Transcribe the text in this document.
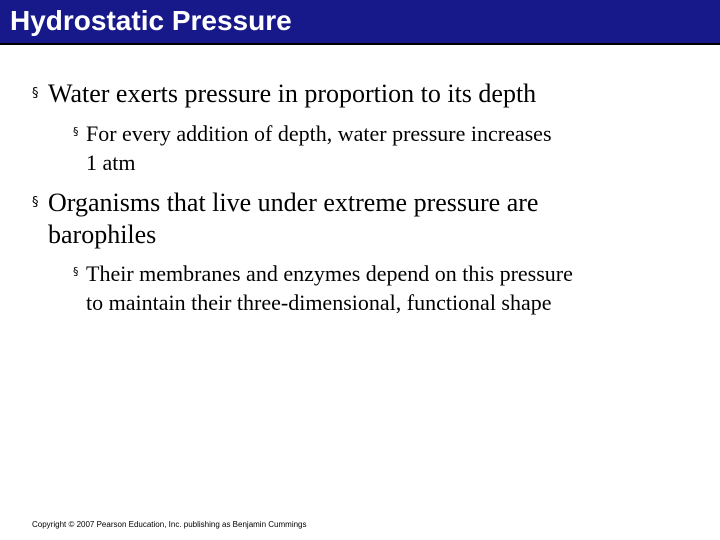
Hydrostatic Pressure
§ Water exerts pressure in proportion to its depth
§ For every addition of depth, water pressure increases
1 atm
§ Organisms that live under extreme pressure are
barophiles
§ Their membranes and enzymes depend on this pressure
to maintain their three-dimensional, functional shape
Copyright © 2007 Pearson Education, Inc. publishing as Benjamin Cummings
